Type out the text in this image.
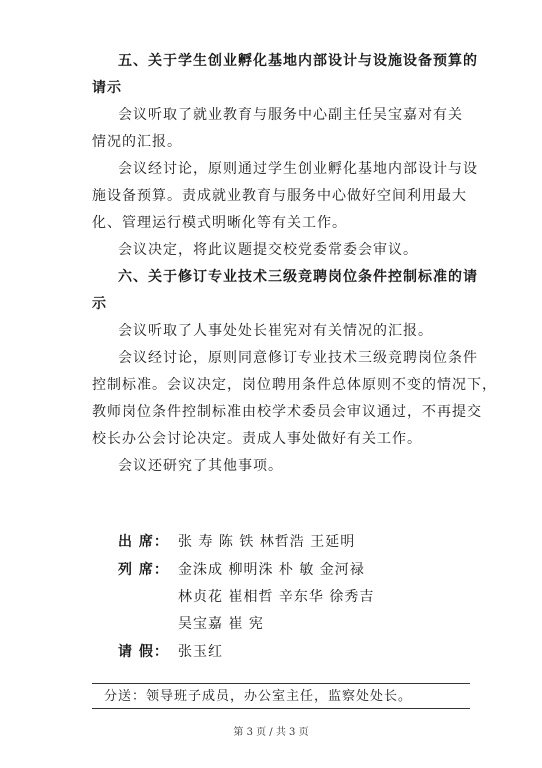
五、关于学生创业孵化基地内部设计与设施设备预算的
请示
会议听取了就业教育与服务中心副主任吴宝嘉对有关
情况的汇报。
会议经讨论，原则通过学生创业孵化基地内部设计与设
施设备预算。责成就业教育与服务中心做好空间利用最大
化、管理运行模式明晰化等有关工作。
会议决定，将此议题提交校党委常委会审议。
六、关于修订专业技术三级竞聘岗位条件控制标准的请
示
会议听取了人事处处长崔宪对有关情况的汇报。
会议经讨论，原则同意修订专业技术三级竞聘岗位条件
控制标准。会议决定，岗位聘用条件总体原则不变的情况下，
教师岗位条件控制标准由校学术委员会审议通过，不再提交
校长办公会讨论决定。责成人事处做好有关工作。
会议还研究了其他事项。
出 席： 张 寿 陈 铁 林哲浩 王延明
列 席： 金洙成 柳明洙 朴 敏 金河禄
林贞花 崔相哲 辛东华 徐秀吉
吴宝嘉 崔 宪
请 假： 张玉红
分送：领导班子成员，办公室主任，监察处处长。
第 3 页 / 共 3 页
